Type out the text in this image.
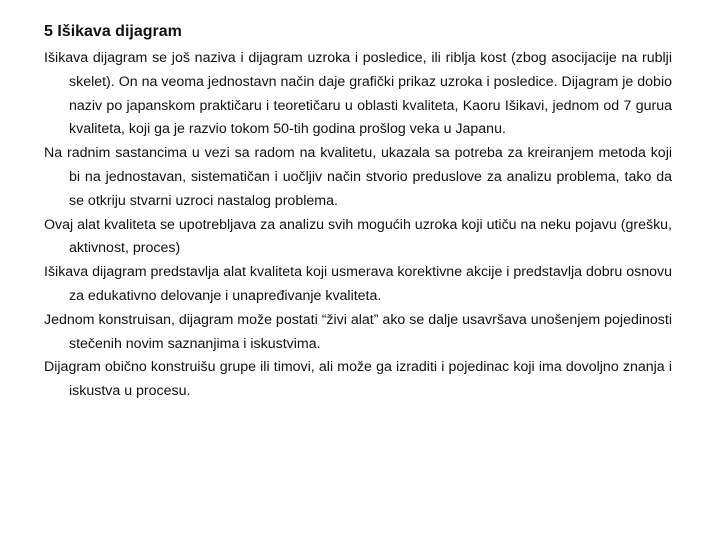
5 Išikava dijagram

Išikava dijagram se još naziva i dijagram uzroka i posledice, ili riblja kost (zbog asocijacije na rublji skelet). On na veoma jednostavn način daje grafički prikaz uzroka i posledice. Dijagram je dobio naziv po japanskom praktičaru i teoretičaru u oblasti kvaliteta, Kaoru Išikavi, jednom od 7 gurua kvaliteta, koji ga je razvio tokom 50-tih godina prošlog veka u Japanu.

Na radnim sastancima u vezi sa radom na kvalitetu, ukazala sa potreba za kreiranjem metoda koji bi na jednostavan, sistematičan i uočljiv način stvorio preduslove za analizu problema, tako da se otkriju stvarni uzroci nastalog problema.

Ovaj alat kvaliteta se upotrebljava za analizu svih mogućih uzroka koji utiču na neku pojavu (grešku, aktivnost, proces)

Išikava dijagram predstavlja alat kvaliteta koji usmerava korektivne akcije i predstavlja dobru osnovu za edukativno delovanje i unapređivanje kvaliteta.

Jednom konstruisan, dijagram može postati “živi alat” ako se dalje usavršava unošenjem pojedinosti stečenih novim saznanjima i iskustvima.

Dijagram obično konstruišu grupe ili timovi, ali može ga izraditi i pojedinac koji ima dovoljno znanja i iskustva u procesu.
